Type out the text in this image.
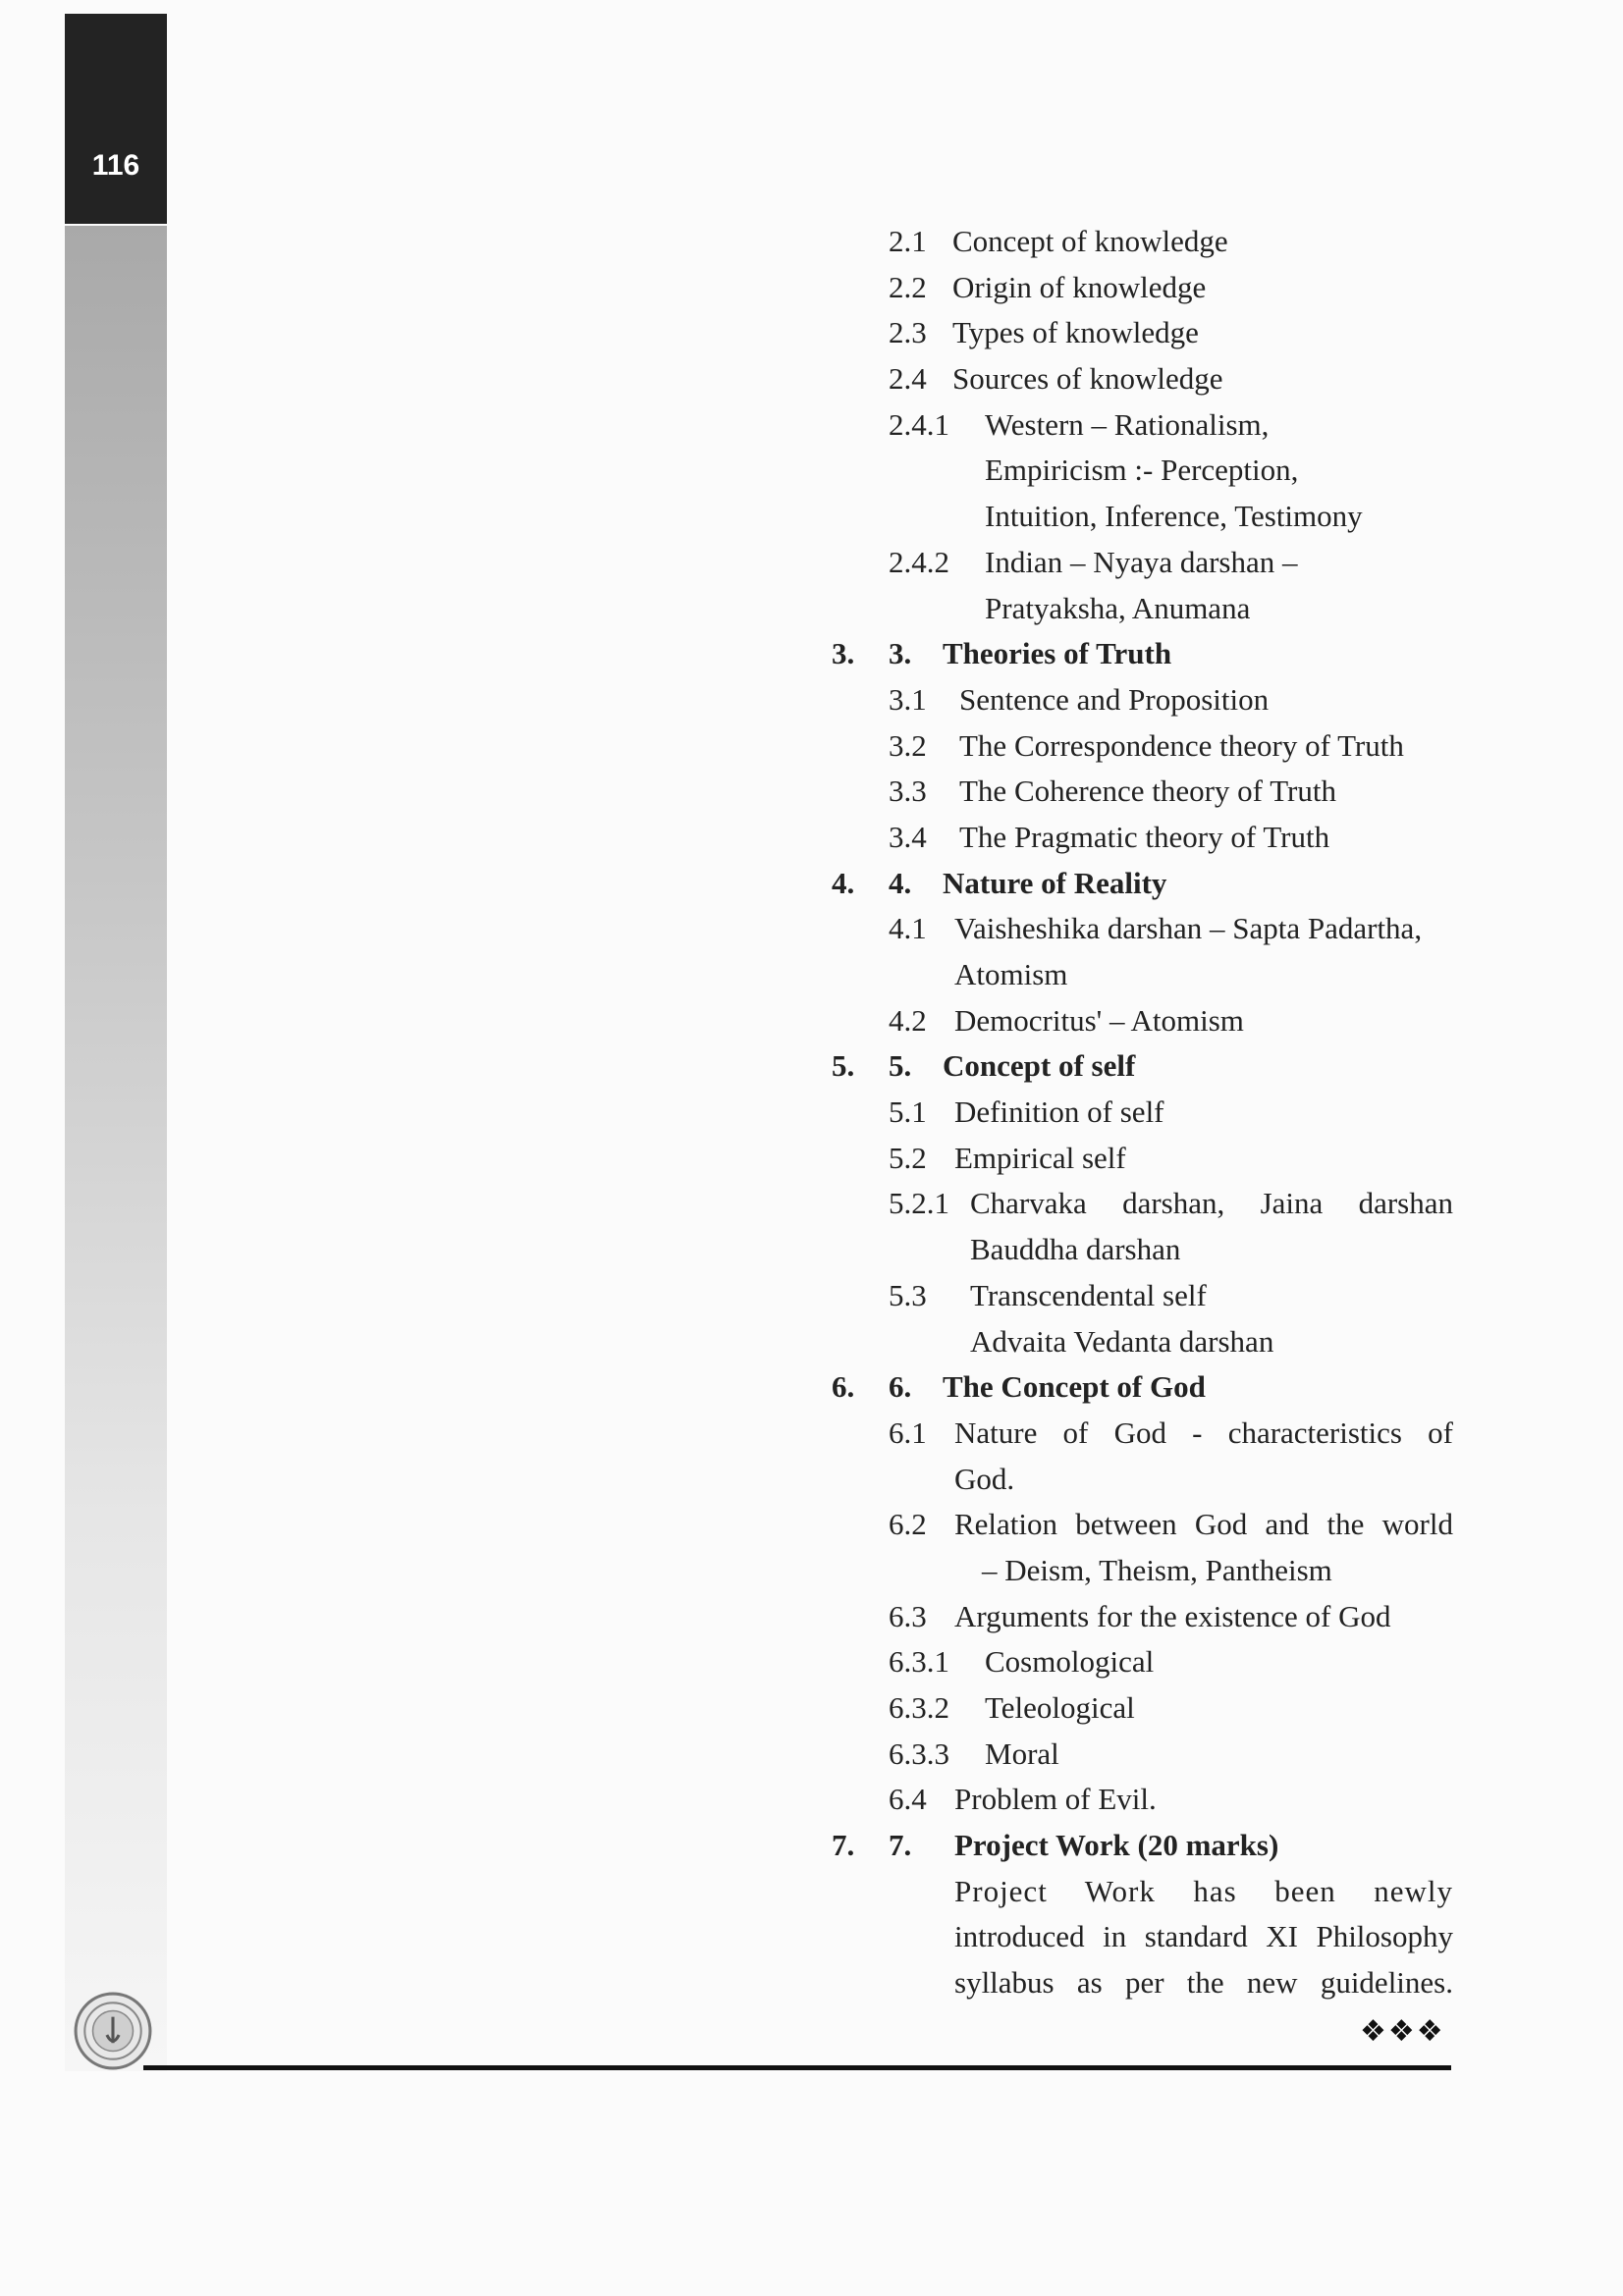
116
2.1 Concept of knowledge
2.2 Origin of knowledge
2.3 Types of knowledge
2.4 Sources of knowledge
2.4.1 Western – Rationalism,
Empiricism :- Perception,
Intuition, Inference, Testimony
2.4.2 Indian – Nyaya darshan –
Pratyaksha, Anumana
3. 3. Theories of Truth
3.1 Sentence and Proposition
3.2 The Correspondence theory of Truth
3.3 The Coherence theory of Truth
3.4 The Pragmatic theory of Truth
4. 4. Nature of Reality
4.1 Vaisheshika darshan – Sapta Padartha,
Atomism
4.2 Democritus' – Atomism
5. 5. Concept of self
5.1 Definition of self
5.2 Empirical self
5.2.1 Charvaka darshan, Jaina darshan
Bauddha darshan
5.3 Transcendental self
Advaita Vedanta darshan
6. 6. The Concept of God
6.1 Nature of God - characteristics of
God.
6.2 Relation between God and the world
– Deism, Theism, Pantheism
6.3 Arguments for the existence of God
6.3.1 Cosmological
6.3.2 Teleological
6.3.3 Moral
6.4 Problem of Evil.
7. 7. Project Work (20 marks)
Project Work has been newly
introduced in standard XI Philosophy
syllabus as per the new guidelines.
❖❖❖
